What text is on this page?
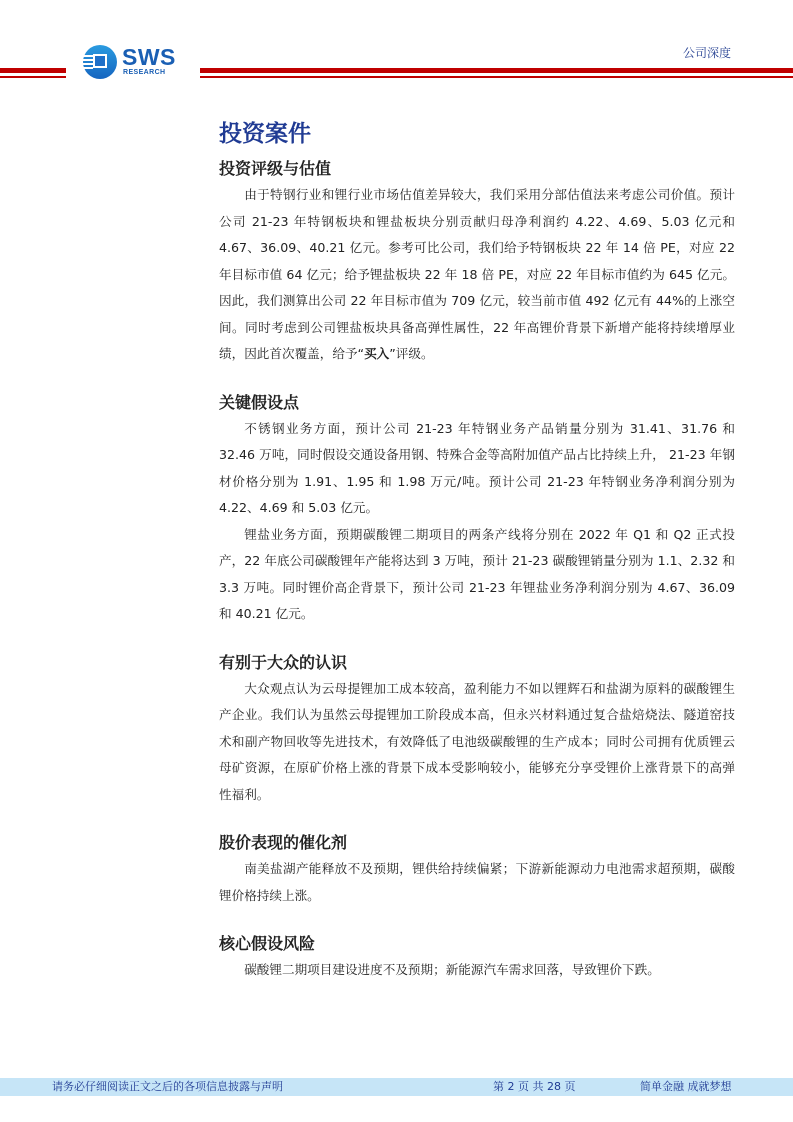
SWS
RESEARCH
公司深度
投资案件
投资评级与估值

由于特钢行业和锂行业市场估值差异较大，我们采用分部估值法来考虑公司价值。预计公司 21-23 年特钢板块和锂盐板块分别贡献归母净利润约 4.22、4.69、5.03 亿元和 4.67、36.09、40.21 亿元。参考可比公司，我们给予特钢板块 22 年 14 倍 PE，对应 22 年目标市值 64 亿元；给予锂盐板块 22 年 18 倍 PE，对应 22 年目标市值约为 645 亿元。因此，我们测算出公司 22 年目标市值为 709 亿元，较当前市值 492 亿元有 44%的上涨空间。同时考虑到公司锂盐板块具备高弹性属性，22 年高锂价背景下新增产能将持续增厚业绩，因此首次覆盖，给予“买入”评级。

关键假设点

不锈钢业务方面，预计公司 21-23 年特钢业务产品销量分别为 31.41、31.76 和 32.46 万吨，同时假设交通设备用钢、特殊合金等高附加值产品占比持续上升， 21-23 年钢材价格分别为 1.91、1.95 和 1.98 万元/吨。预计公司 21-23 年特钢业务净利润分别为 4.22、4.69 和 5.03 亿元。

锂盐业务方面，预期碳酸锂二期项目的两条产线将分别在 2022 年 Q1 和 Q2 正式投产，22 年底公司碳酸锂年产能将达到 3 万吨，预计 21-23 碳酸锂销量分别为 1.1、2.32 和 3.3 万吨。同时锂价高企背景下，预计公司 21-23 年锂盐业务净利润分别为 4.67、36.09 和 40.21 亿元。

有别于大众的认识

大众观点认为云母提锂加工成本较高，盈利能力不如以锂辉石和盐湖为原料的碳酸锂生产企业。我们认为虽然云母提锂加工阶段成本高，但永兴材料通过复合盐焙烧法、隧道窑技术和副产物回收等先进技术，有效降低了电池级碳酸锂的生产成本；同时公司拥有优质锂云母矿资源，在原矿价格上涨的背景下成本受影响较小，能够充分享受锂价上涨背景下的高弹性福利。

股价表现的催化剂

南美盐湖产能释放不及预期，锂供给持续偏紧；下游新能源动力电池需求超预期，碳酸锂价格持续上涨。

核心假设风险

碳酸锂二期项目建设进度不及预期；新能源汽车需求回落，导致锂价下跌。

请务必仔细阅读正文之后的各项信息披露与声明	第 2 页 共 28 页	简单金融 成就梦想
